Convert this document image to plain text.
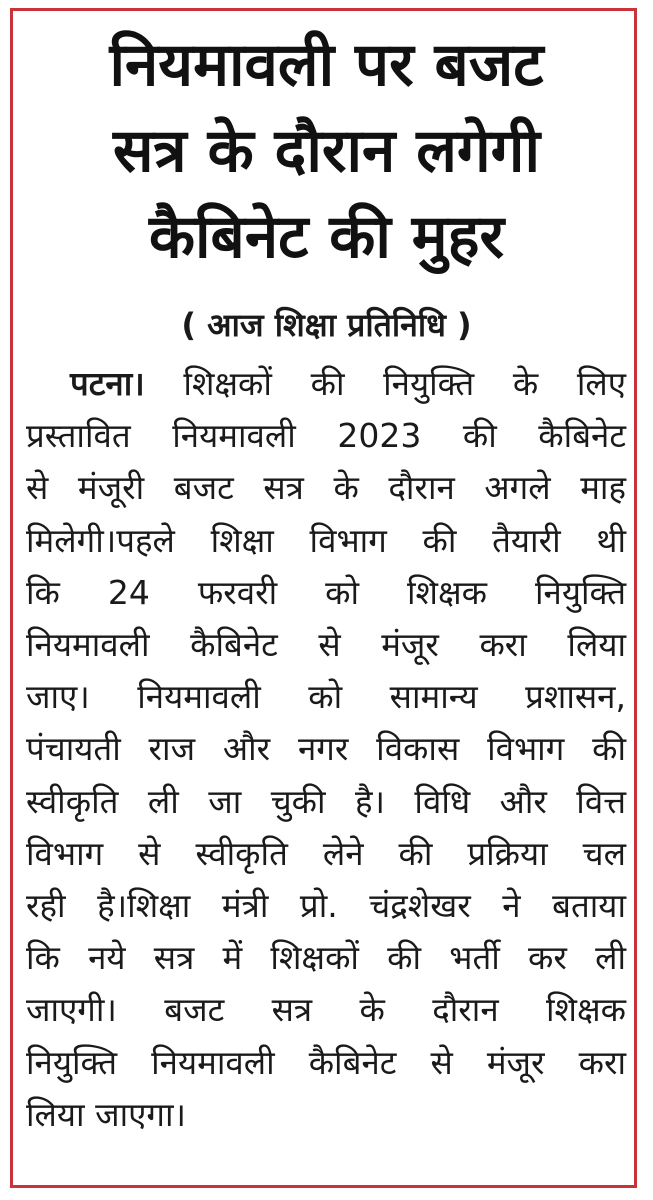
नियमावली पर बजट
सत्र के दौरान लगेगी
कैबिनेट की मुहर
( आज शिक्षा प्रतिनिधि )
पटना। शिक्षकों की नियुक्ति के लिए
प्रस्तावित नियमावली 2023 की कैबिनेट
से मंजूरी बजट सत्र के दौरान अगले माह
मिलेगी।पहले शिक्षा विभाग की तैयारी थी
कि 24 फरवरी को शिक्षक नियुक्ति
नियमावली कैबिनेट से मंजूर करा लिया
जाए। नियमावली को सामान्य प्रशासन,
पंचायती राज और नगर विकास विभाग की
स्वीकृति ली जा चुकी है। विधि और वित्त
विभाग से स्वीकृति लेने की प्रक्रिया चल
रही है।शिक्षा मंत्री प्रो. चंद्रशेखर ने बताया
कि नये सत्र में शिक्षकों की भर्ती कर ली
जाएगी। बजट सत्र के दौरान शिक्षक
नियुक्ति नियमावली कैबिनेट से मंजूर करा
लिया जाएगा।
